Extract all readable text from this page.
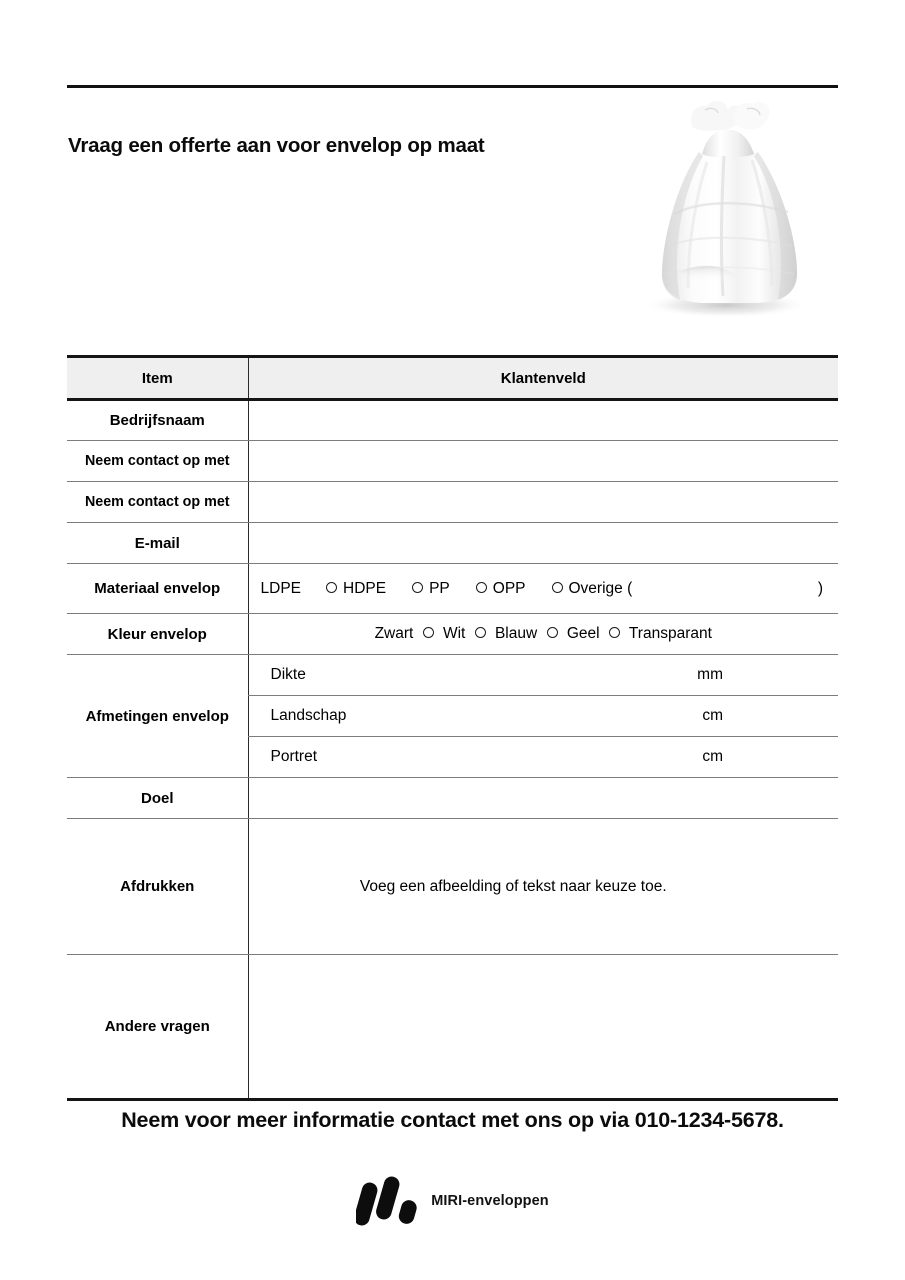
Vraag een offerte aan voor envelop op maat
Item	Klantenveld
Bedrijfsnaam	
Neem contact op met	
Neem contact op met	
E-mail	
Materiaal envelop	LDPE	HDPE	PP	OPP	Overige (	)

Kleur envelop	Zwart Wit Blauw Geel Transparant

Afmetingen envelop	Dikte mm

	Landschap cm

	Portret cm

Doel	
Afdrukken	Voeg een afbeelding of tekst naar keuze toe.

Andere vragen	
Neem voor meer informatie contact met ons op via 010-1234-5678.
MIRI-enveloppen
